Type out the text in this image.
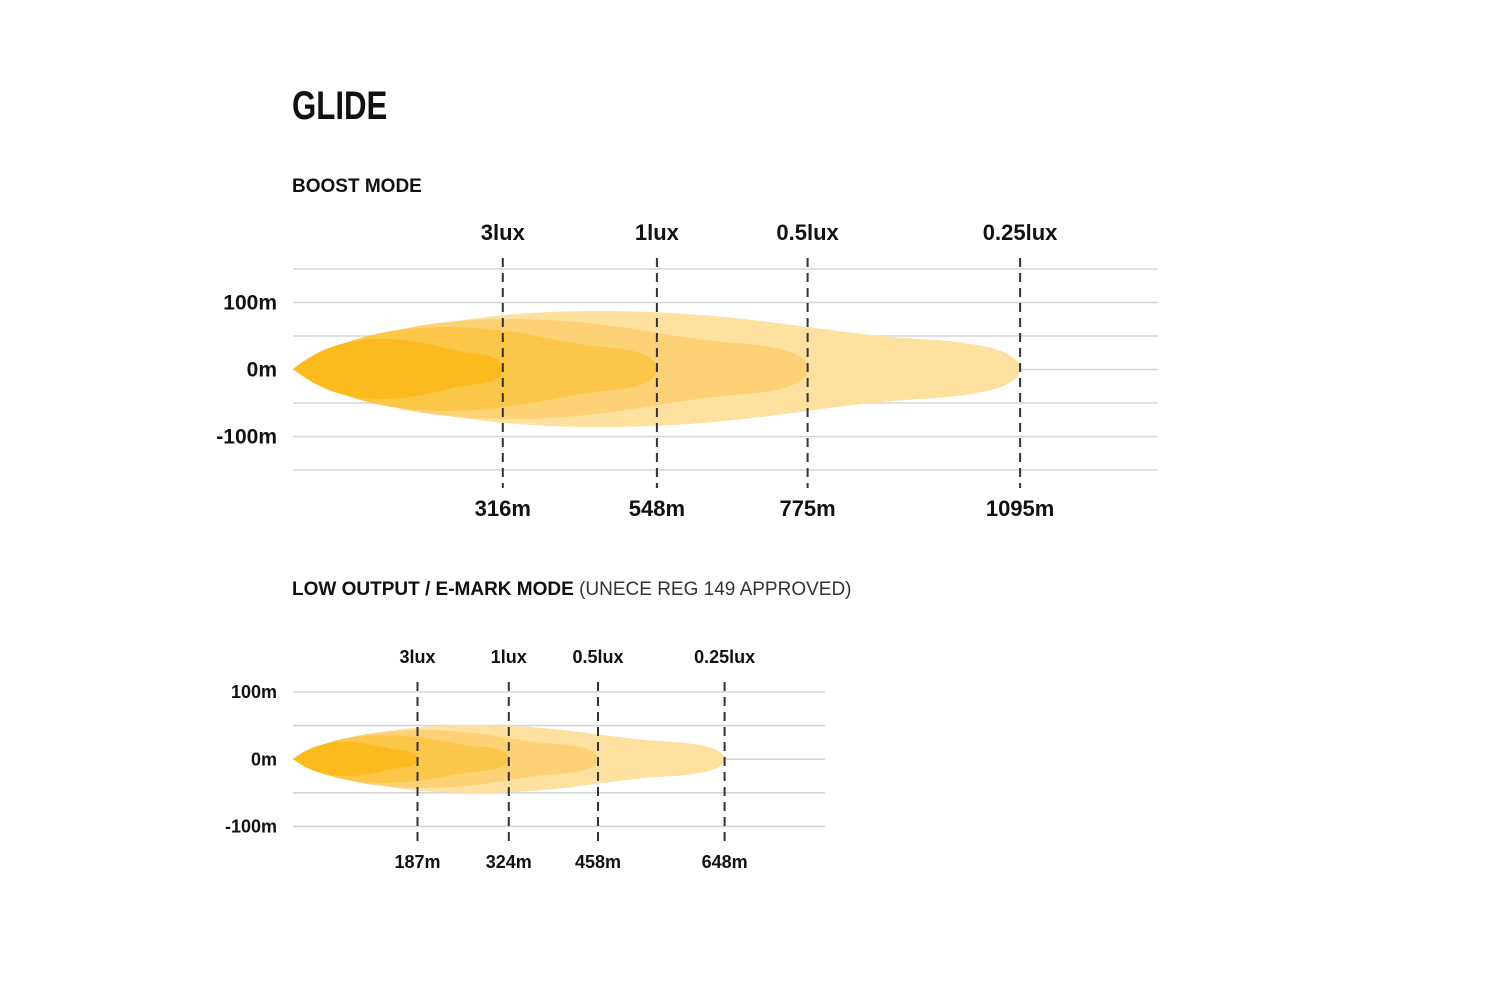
GLIDE
BOOST MODE
LOW OUTPUT / E-MARK MODE (UNECE REG 149 APPROVED)
100m
0m
-100m
3lux
316m
1lux
548m
0.5lux
775m
0.25lux
1095m
100m
0m
-100m
3lux
187m
1lux
324m
0.5lux
458m
0.25lux
648m
